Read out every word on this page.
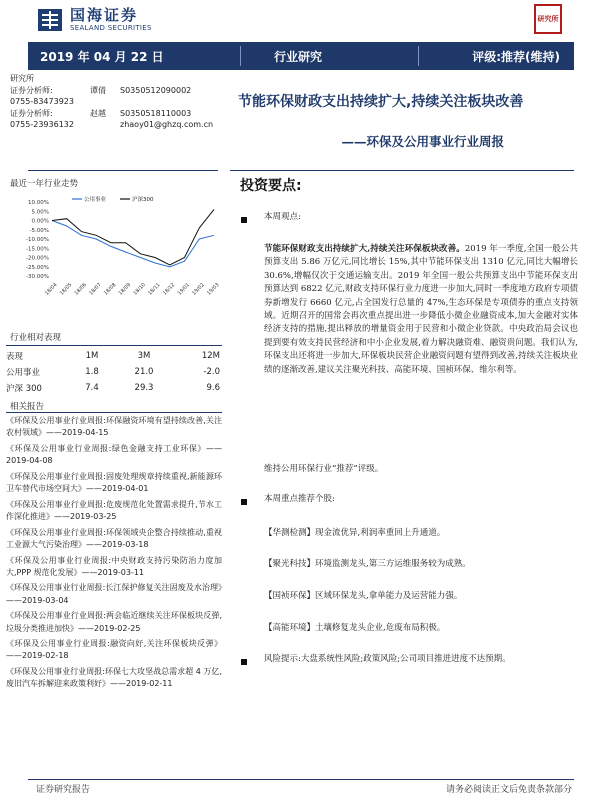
国海证券
SEALAND SECURITIES
研究所
2019 年 04 月 22 日	行业研究	评级:推荐(维持)
研究所
证券分析师:	谭倩	S0350512090002
0755-83473923
证券分析师:	赵越	S0350518110003
0755-23936132	zhaoy01@ghzq.com.cn
节能环保财政支出持续扩大,持续关注板块改善
——环保及公用事业行业周报
最近一年行业走势
10.00%
5.00%
0.00%
-5.00%
-10.00%
-15.00%
-20.00%
-25.00%
-30.00%
18/04 18/05 18/06 18/07 18/08 18/09 18/10 18/11 18/12 19/01 19/02 19/03
公用事业	沪深300
行业相对表现
表现	1M	3M	12M
公用事业	1.8	21.0	-2.0
沪深 300	7.4	29.3	9.6
相关报告
《环保及公用事业行业周报:环保融资环境有望持续改善,关注农村领域》——2019-04-15
《环保及公用事业行业周报:绿色金融支持工业环保》——2019-04-08
《环保及公用事业行业周报:固废处理规章持续重视,新能源环卫车替代市场空间大》——2019-04-01
《环保及公用事业行业周报:危废规范化处置需求提升,节水工作深化推进》——2019-03-25
《环保及公用事业行业周报:环保领域央企整合持续推动,重视工业源大气污染治理》——2019-03-18
《环保及公用事业行业周报:中央财政支持污染防治力度加大,PPP 规范化发展》——2019-03-11
《环保及公用事业行业周报:长江保护修复关注固废及水治理》——2019-03-04
《环保及公用事业行业周报:两会临近继续关注环保板块反弹,垃圾分类推进加快》——2019-02-25
《环保及公用事业行业周报:融资向好,关注环保板块反弹》——2019-02-18
《环保及公用事业行业周报:环保七大攻坚战总需求超 4 万亿,废旧汽车拆解迎来政策利好》——2019-02-11
投资要点:
本周观点:
节能环保财政支出持续扩大,持续关注环保板块改善。2019 年一季度,全国一般公共预算支出 5.86 万亿元,同比增长 15%,其中节能环保支出 1310 亿元,同比大幅增长 30.6%,增幅仅次于交通运输支出。2019 年全国一般公共预算支出中节能环保支出预算达到 6822 亿元,财政支持环保行业力度进一步加大,同时一季度地方政府专项债券新增发行 6660 亿元,占全国发行总量的 47%,生态环保是专项债券的重点支持领域。近期召开的国常会再次重点提出进一步降低小微企业融资成本,加大金融对实体经济支持的措施,提出释放的增量资金用于民营和小微企业贷款。中央政治局会议也提到要有效支持民营经济和中小企业发展,着力解决融资难、融资贵问题。我们认为,环保支出还将进一步加大,环保板块民营企业融资问题有望得到改善,持续关注板块业绩的逐渐改善,建议关注聚光科技、高能环境、国祯环保、维尔利等。
维持公用环保行业“推荐”评级。
本周重点推荐个股:
【华测检测】现金流优异,利润率重回上升通道。
【聚光科技】环境监测龙头,第三方运维服务较为成熟。
【国祯环保】区域环保龙头,拿单能力及运营能力强。
【高能环境】土壤修复龙头企业,危废布局积极。
风险提示:大盘系统性风险;政策风险;公司项目推进进度不达预期。
证券研究报告	请务必阅读正文后免责条款部分
